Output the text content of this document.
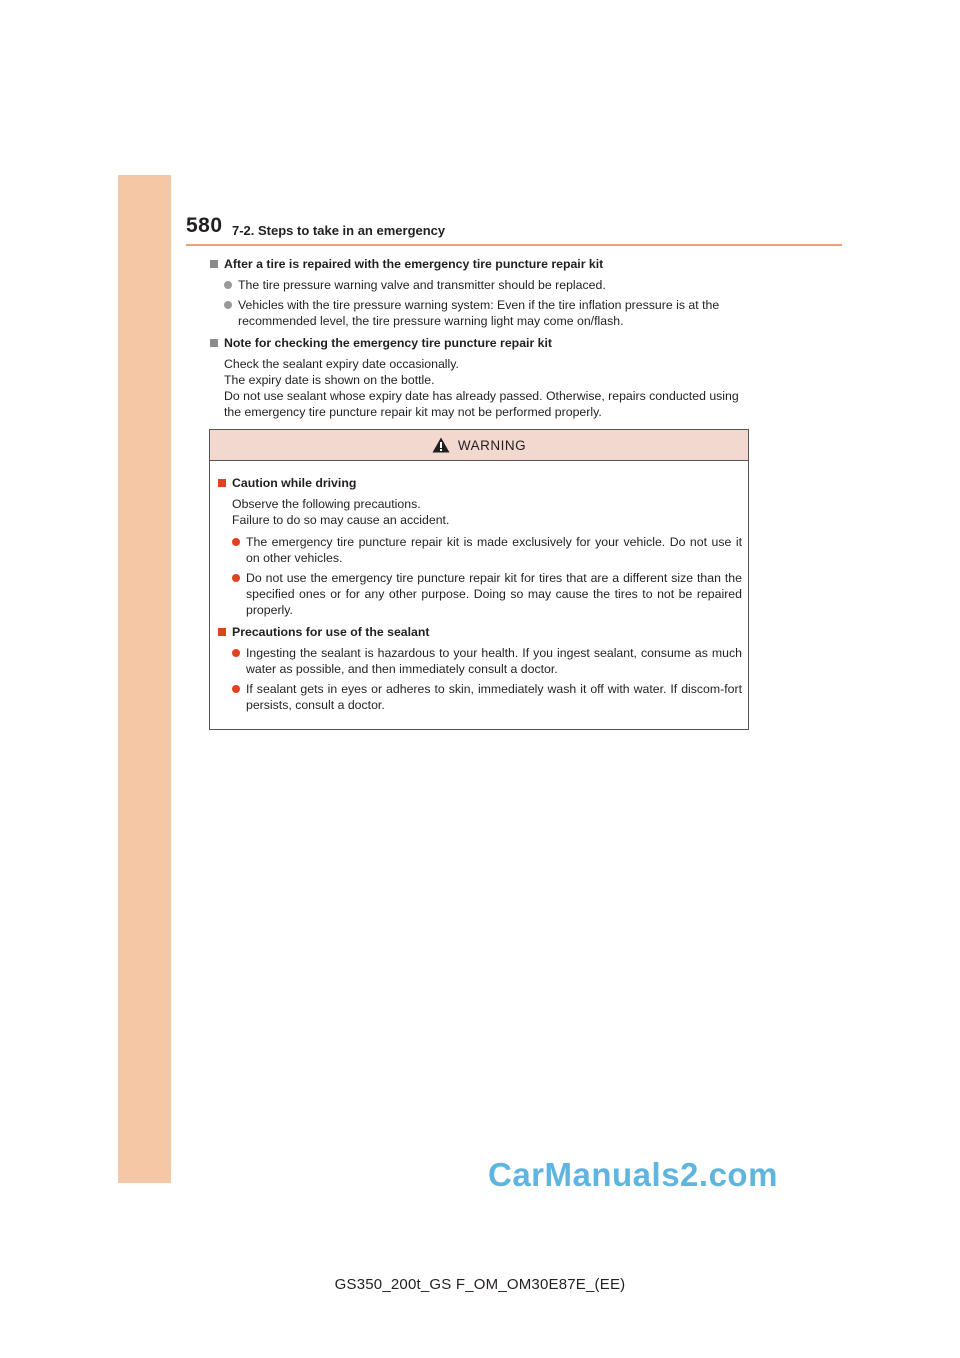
580 7-2. Steps to take in an emergency
After a tire is repaired with the emergency tire puncture repair kit
The tire pressure warning valve and transmitter should be replaced.
Vehicles with the tire pressure warning system: Even if the tire inflation pressure is at the recommended level, the tire pressure warning light may come on/flash.
Note for checking the emergency tire puncture repair kit
Check the sealant expiry date occasionally.
The expiry date is shown on the bottle.
Do not use sealant whose expiry date has already passed. Otherwise, repairs conducted using the emergency tire puncture repair kit may not be performed properly.
WARNING
Caution while driving
Observe the following precautions.
Failure to do so may cause an accident.
The emergency tire puncture repair kit is made exclusively for your vehicle. Do not use it on other vehicles.
Do not use the emergency tire puncture repair kit for tires that are a different size than the specified ones or for any other purpose. Doing so may cause the tires to not be repaired properly.
Precautions for use of the sealant
Ingesting the sealant is hazardous to your health. If you ingest sealant, consume as much water as possible, and then immediately consult a doctor.
If sealant gets in eyes or adheres to skin, immediately wash it off with water. If discom-fort persists, consult a doctor.
CarManuals2.com
GS350_200t_GS F_OM_OM30E87E_(EE)
